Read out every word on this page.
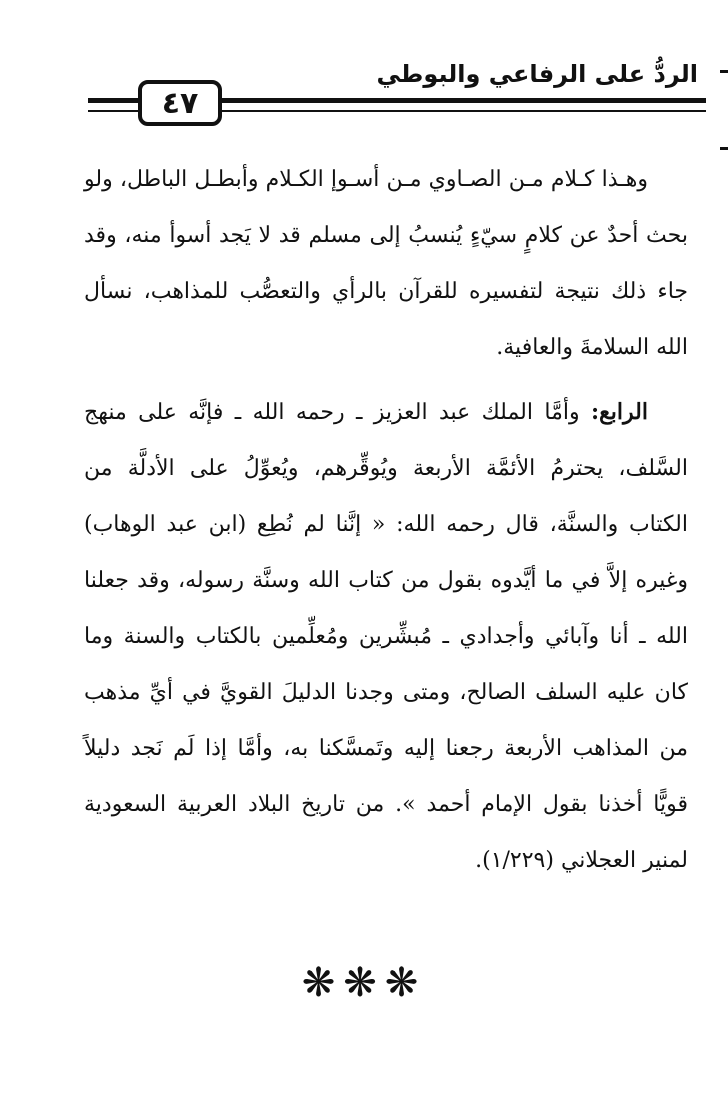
الردُّ على الرفاعي والبوطي
٤٧

وهـذا كـلام مـن الصـاوي مـن أسـوإ الكـلام وأبطـل الباطل، ولو بحث أحدٌ عن كلامٍ سيّءٍ يُنسبُ إلى مسلم قد لا يَجد أسوأ منه، وقد جاء ذلك نتيجة لتفسيره للقرآن بالرأي والتعصُّب للمذاهب، نسأل الله السلامةَ والعافية.

الرابع: وأمَّا الملك عبد العزيز ـ رحمه الله ـ فإنَّه على منهج السَّلف، يحترمُ الأئمَّة الأربعة ويُوقِّرهم، ويُعوِّلُ على الأدلَّة من الكتاب والسنَّة، قال رحمه الله: « إنَّنا لم نُطِع (ابن عبد الوهاب) وغيره إلاَّ في ما أيَّدوه بقول من كتاب الله وسنَّة رسوله، وقد جعلنا الله ـ أنا وآبائي وأجدادي ـ مُبشِّرين ومُعلِّمين بالكتاب والسنة وما كان عليه السلف الصالح، ومتى وجدنا الدليلَ القويَّ في أيِّ مذهب من المذاهب الأربعة رجعنا إليه وتَمسَّكنا به، وأمَّا إذا لَم نَجد دليلاً قويًّا أخذنا بقول الإمام أحمد ». من تاريخ البلاد العربية السعودية لمنير العجلاني (١/٢٢٩).

❋❋❋
